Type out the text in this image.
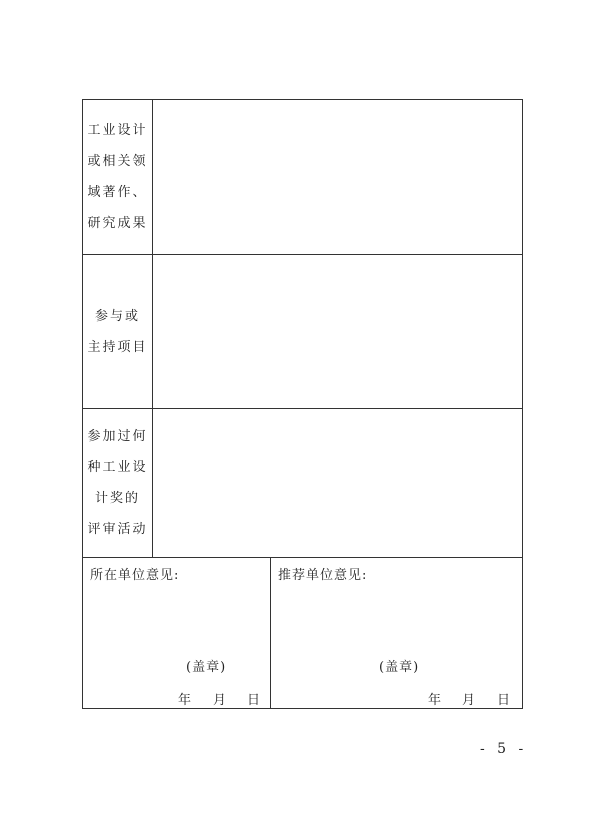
工业设计
或相关领
域著作、
研究成果
参与或
主持项目
参加过何
种工业设
计奖的
评审活动
所在单位意见:
(盖章)
年 月 日
推荐单位意见:
(盖章)
年 月 日
- 5 -
